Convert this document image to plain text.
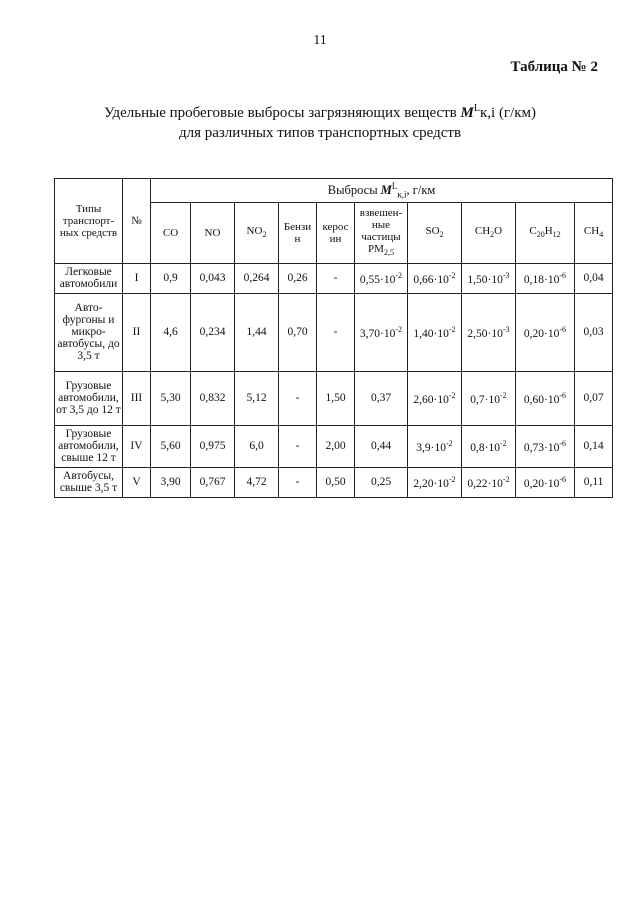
11
Таблица № 2
Удельные пробеговые выбросы загрязняющих веществ $M^Lк,i$ (г/км)
для различных типов транспортных средств
Типы транспорт-ных средств	№	Выбросы $M^L_{к,i}$, г/км									
		CO	NO	$NO_2$	Бензи н	керос ин	взвешен-ные частицы $PM_{2,5}$	$SO_2$	$CH_2O$	$C_{20}H_{12}$	$CH_4$
Легковые автомобили	I	0,9	0,043	0,264	0,26	-	$0,55\cdot 10^{-2}$	$0,66\cdot 10^{-2}$	$1,50\cdot 10^{-3}$	$0,18\cdot 10^{-6}$	0,04
Авто-фургоны и микро-автобусы, до 3,5 т	II	4,6	0,234	1,44	0,70	-	$3,70\cdot 10^{-2}$	$1,40\cdot 10^{-2}$	$2,50\cdot 10^{-3}$	$0,20\cdot 10^{-6}$	0,03
Грузовые автомобили, от 3,5 до 12 т	III	5,30	0,832	5,12	-	1,50	0,37	$2,60\cdot 10^{-2}$	$0,7\cdot 10^{-2}$	$0,60\cdot 10^{-6}$	0,07
Грузовые автомобили, свыше 12 т	IV	5,60	0,975	6,0	-	2,00	0,44	$3,9\cdot 10^{-2}$	$0,8\cdot 10^{-2}$	$0,73\cdot 10^{-6}$	0,14
Автобусы, свыше 3,5 т	V	3,90	0,767	4,72	-	0,50	0,25	$2,20\cdot 10^{-2}$	$0,22\cdot 10^{-2}$	$0,20\cdot 10^{-6}$	0,11
